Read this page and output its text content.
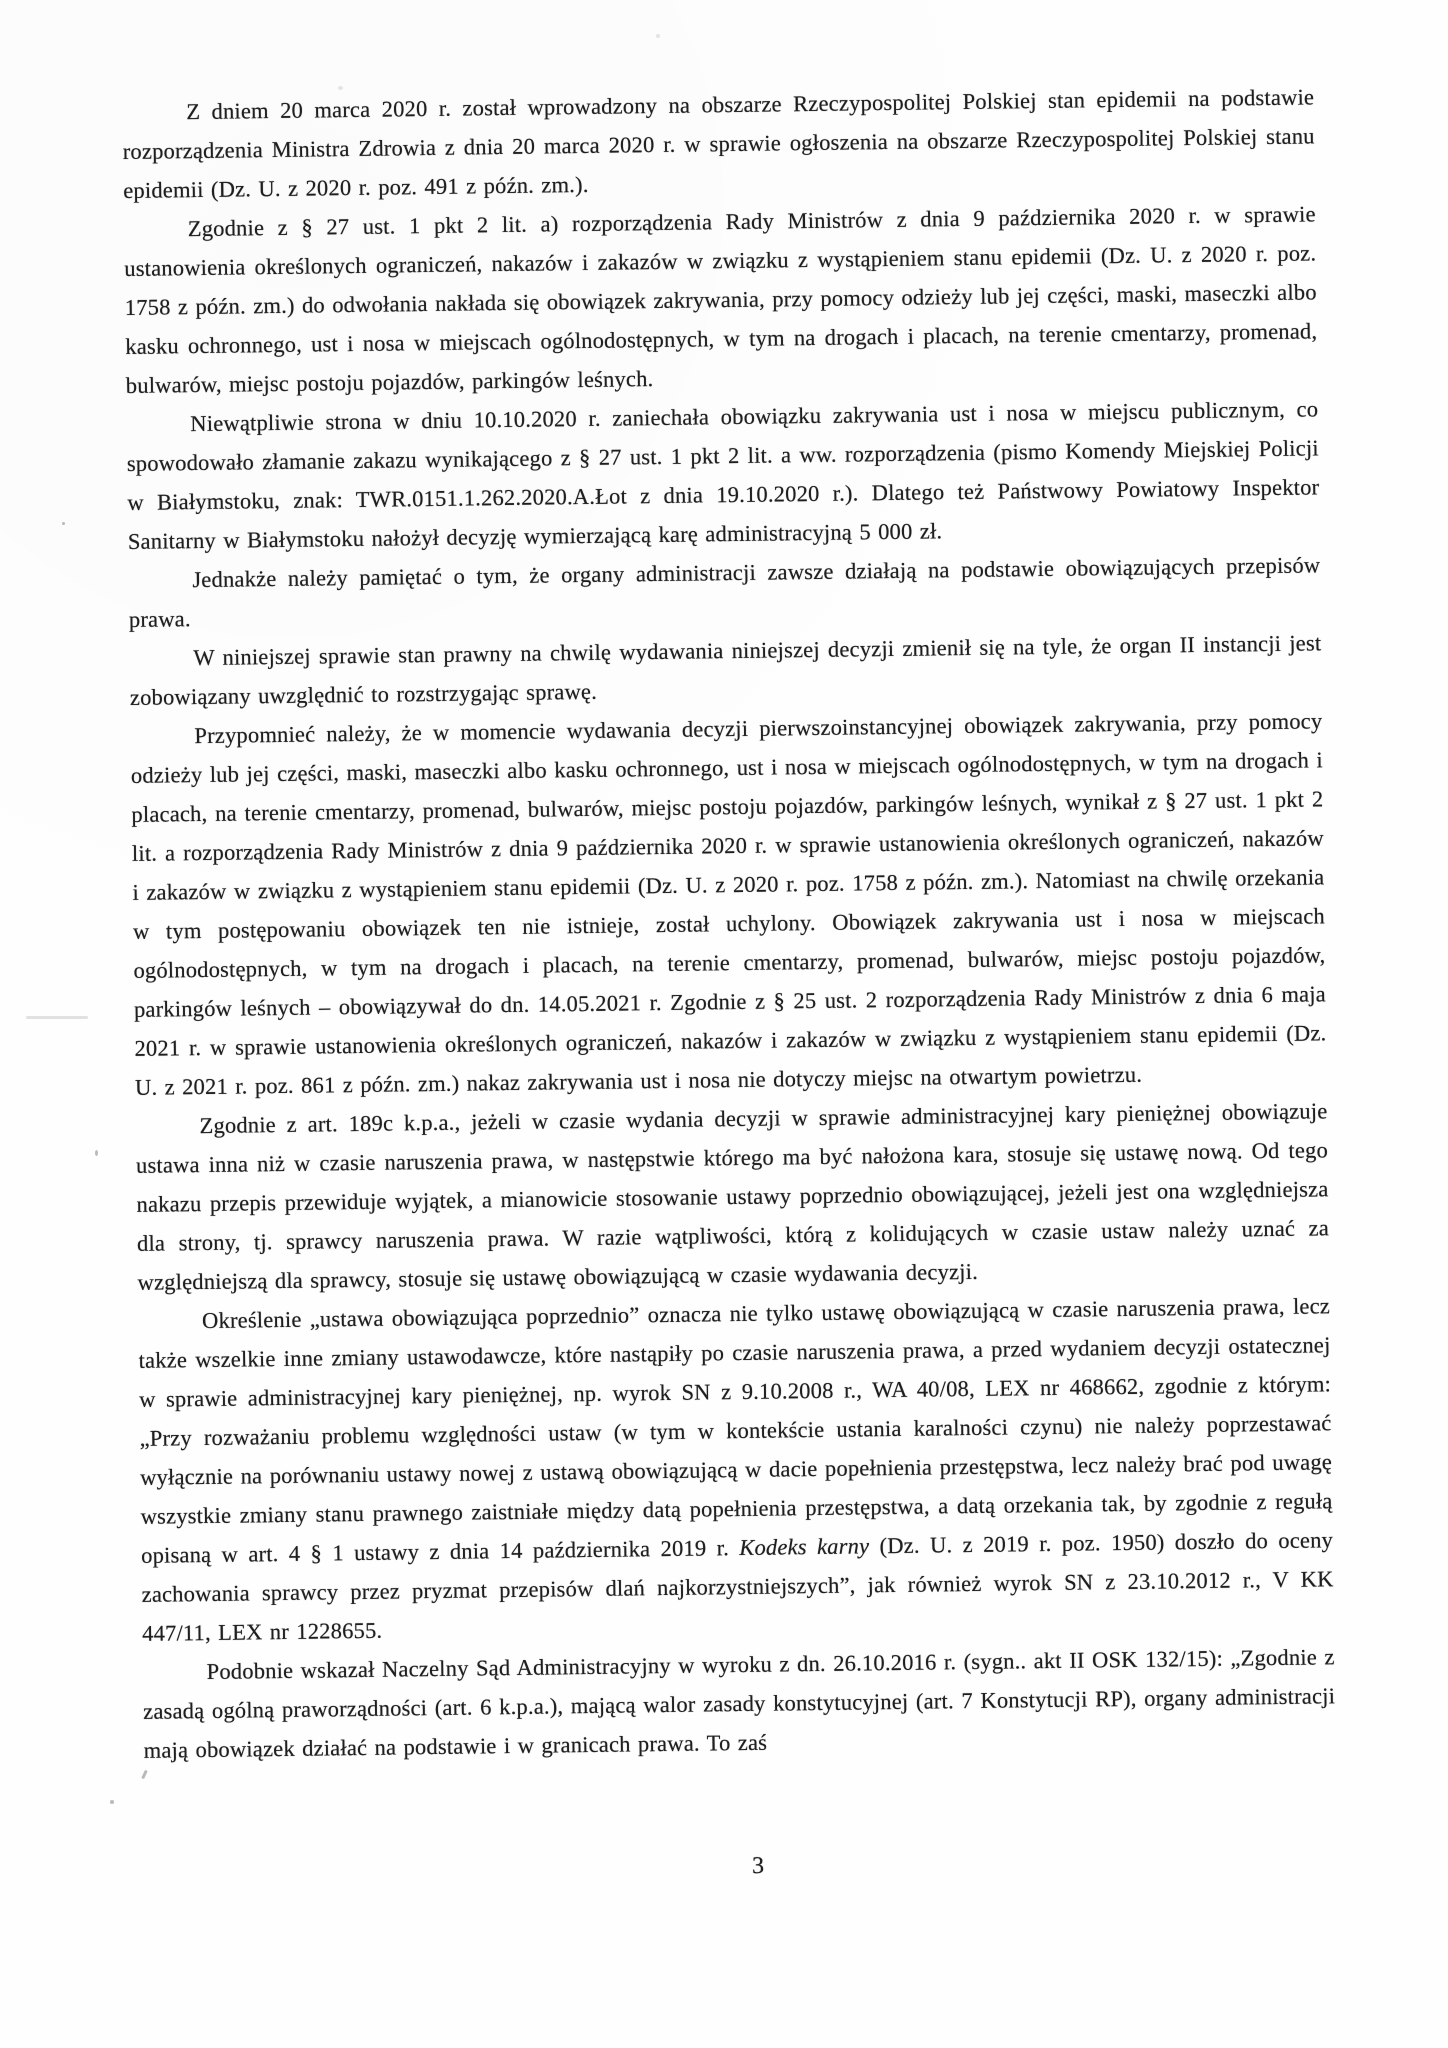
Z dniem 20 marca 2020 r. został wprowadzony na obszarze Rzeczypospolitej Polskiej stan epidemii na podstawie rozporządzenia Ministra Zdrowia z dnia 20 marca 2020 r. w sprawie ogłoszenia na obszarze Rzeczypospolitej Polskiej stanu epidemii (Dz. U. z 2020 r. poz. 491 z późn. zm.).

Zgodnie z § 27 ust. 1 pkt 2 lit. a) rozporządzenia Rady Ministrów z dnia 9 października 2020 r. w sprawie ustanowienia określonych ograniczeń, nakazów i zakazów w związku z wystąpieniem stanu epidemii (Dz. U. z 2020 r. poz. 1758 z późn. zm.) do odwołania nakłada się obowiązek zakrywania, przy pomocy odzieży lub jej części, maski, maseczki albo kasku ochronnego, ust i nosa w miejscach ogólnodostępnych, w tym na drogach i placach, na terenie cmentarzy, promenad, bulwarów, miejsc postoju pojazdów, parkingów leśnych.

Niewątpliwie strona w dniu 10.10.2020 r. zaniechała obowiązku zakrywania ust i nosa w miejscu publicznym, co spowodowało złamanie zakazu wynikającego z § 27 ust. 1 pkt 2 lit. a ww. rozporządzenia (pismo Komendy Miejskiej Policji w Białymstoku, znak: TWR.0151.1.262.2020.A.Łot z dnia 19.10.2020 r.). Dlatego też Państwowy Powiatowy Inspektor Sanitarny w Białymstoku nałożył decyzję wymierzającą karę administracyjną 5 000 zł.

Jednakże należy pamiętać o tym, że organy administracji zawsze działają na podstawie obowiązujących przepisów prawa.

W niniejszej sprawie stan prawny na chwilę wydawania niniejszej decyzji zmienił się na tyle, że organ II instancji jest zobowiązany uwzględnić to rozstrzygając sprawę.

Przypomnieć należy, że w momencie wydawania decyzji pierwszoinstancyjnej obowiązek zakrywania, przy pomocy odzieży lub jej części, maski, maseczki albo kasku ochronnego, ust i nosa w miejscach ogólnodostępnych, w tym na drogach i placach, na terenie cmentarzy, promenad, bulwarów, miejsc postoju pojazdów, parkingów leśnych, wynikał z § 27 ust. 1 pkt 2 lit. a rozporządzenia Rady Ministrów z dnia 9 października 2020 r. w sprawie ustanowienia określonych ograniczeń, nakazów i zakazów w związku z wystąpieniem stanu epidemii (Dz. U. z 2020 r. poz. 1758 z późn. zm.). Natomiast na chwilę orzekania w tym postępowaniu obowiązek ten nie istnieje, został uchylony. Obowiązek zakrywania ust i nosa w miejscach ogólnodostępnych, w tym na drogach i placach, na terenie cmentarzy, promenad, bulwarów, miejsc postoju pojazdów, parkingów leśnych – obowiązywał do dn. 14.05.2021 r. Zgodnie z § 25 ust. 2 rozporządzenia Rady Ministrów z dnia 6 maja 2021 r. w sprawie ustanowienia określonych ograniczeń, nakazów i zakazów w związku z wystąpieniem stanu epidemii (Dz. U. z 2021 r. poz. 861 z późn. zm.) nakaz zakrywania ust i nosa nie dotyczy miejsc na otwartym powietrzu.

Zgodnie z art. 189c k.p.a., jeżeli w czasie wydania decyzji w sprawie administracyjnej kary pieniężnej obowiązuje ustawa inna niż w czasie naruszenia prawa, w następstwie którego ma być nałożona kara, stosuje się ustawę nową. Od tego nakazu przepis przewiduje wyjątek, a mianowicie stosowanie ustawy poprzednio obowiązującej, jeżeli jest ona względniejsza dla strony, tj. sprawcy naruszenia prawa. W razie wątpliwości, którą z kolidujących w czasie ustaw należy uznać za względniejszą dla sprawcy, stosuje się ustawę obowiązującą w czasie wydawania decyzji.

Określenie „ustawa obowiązująca poprzednio” oznacza nie tylko ustawę obowiązującą w czasie naruszenia prawa, lecz także wszelkie inne zmiany ustawodawcze, które nastąpiły po czasie naruszenia prawa, a przed wydaniem decyzji ostatecznej w sprawie administracyjnej kary pieniężnej, np. wyrok SN z 9.10.2008 r., WA 40/08, LEX nr 468662, zgodnie z którym: „Przy rozważaniu problemu względności ustaw (w tym w kontekście ustania karalności czynu) nie należy poprzestawać wyłącznie na porównaniu ustawy nowej z ustawą obowiązującą w dacie popełnienia przestępstwa, lecz należy brać pod uwagę wszystkie zmiany stanu prawnego zaistniałe między datą popełnienia przestępstwa, a datą orzekania tak, by zgodnie z regułą opisaną w art. 4 § 1 ustawy z dnia 14 października 2019 r. Kodeks karny (Dz. U. z 2019 r. poz. 1950) doszło do oceny zachowania sprawcy przez pryzmat przepisów dlań najkorzystniejszych”, jak również wyrok SN z 23.10.2012 r., V KK 447/11, LEX nr 1228655.

Podobnie wskazał Naczelny Sąd Administracyjny w wyroku z dn. 26.10.2016 r. (sygn.. akt II OSK 132/15): „Zgodnie z zasadą ogólną praworządności (art. 6 k.p.a.), mającą walor zasady konstytucyjnej (art. 7 Konstytucji RP), organy administracji mają obowiązek działać na podstawie i w granicach prawa. To zaś

3
